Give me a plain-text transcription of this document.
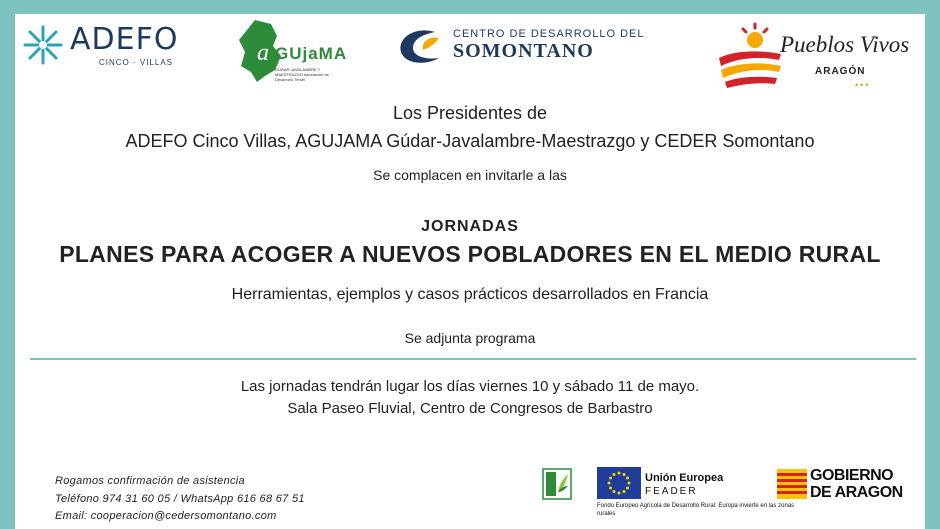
ADEFO
CINCO · VILLAS	a GUjaMA
GÚDAR-JAVALAMBRE Y MAESTRAZGO Asociación de Desarrollo Teruel
CENTRO DE DESARROLLO DEL
SOMONTANO	Pueblos Vivos
ARAGÓN
•••
Los Presidentes de
ADEFO Cinco Villas, AGUJAMA Gúdar-Javalambre-Maestrazgo y CEDER Somontano
Se complacen en invitarle a las
JORNADAS
PLANES PARA ACOGER A NUEVOS POBLADORES EN EL MEDIO RURAL
Herramientas, ejemplos y casos prácticos desarrollados en Francia
Se adjunta programa
Las jornadas tendrán lugar los días viernes 10 y sábado 11 de mayo.
Sala Paseo Fluvial, Centro de Congresos de Barbastro
Rogamos confirmación de asistencia
Teléfono 974 31 60 05 / WhatsApp 616 68 67 51
Email: cooperacion@cedersomontano.com
Unión Europea
FEADER
Fondo Europeo Agrícola de Desarrollo Rural: Europa invierte en las zonas rurales
GOBIERNO
DE ARAGON
